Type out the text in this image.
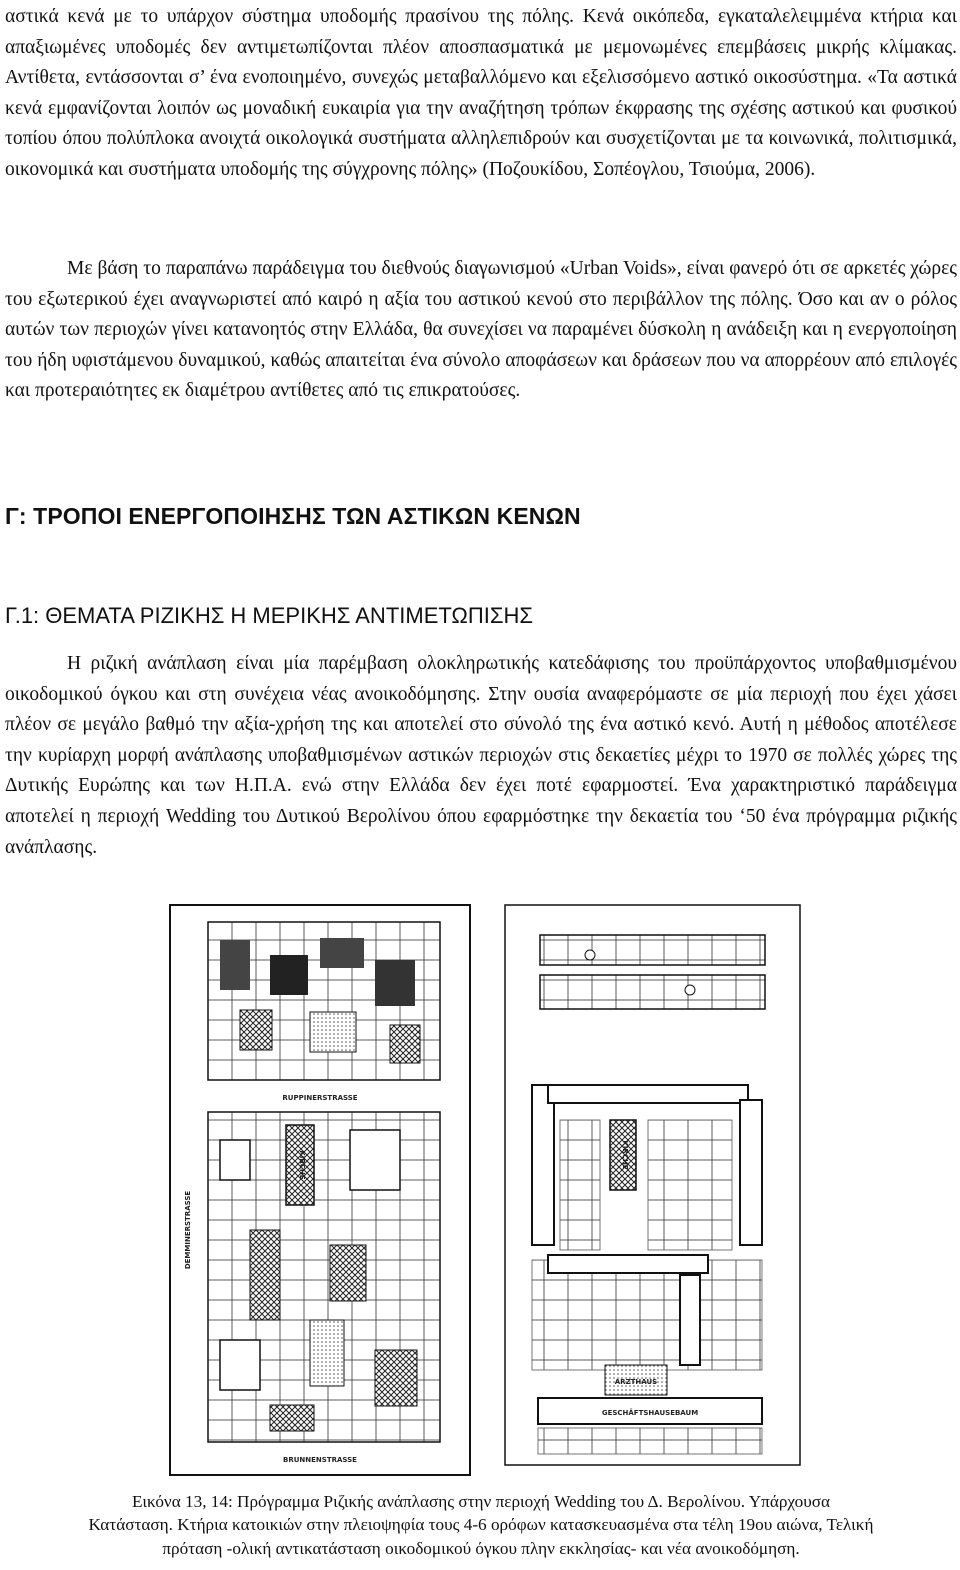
αστικά κενά με το υπάρχον σύστημα υποδομής πρασίνου της πόλης. Κενά οικόπεδα, εγκαταλελειμμένα κτήρια και απαξιωμένες υποδομές δεν αντιμετωπίζονται πλέον αποσπασματικά με μεμονωμένες επεμβάσεις μικρής κλίμακας. Αντίθετα, εντάσσονται σ’ ένα ενοποιημένο, συνεχώς μεταβαλλόμενο και εξελισσόμενο αστικό οικοσύστημα. «Τα αστικά κενά εμφανίζονται λοιπόν ως μοναδική ευκαιρία για την αναζήτηση τρόπων έκφρασης της σχέσης αστικού και φυσικού τοπίου όπου πολύπλοκα ανοιχτά οικολογικά συστήματα αλληλεπιδρούν και συσχετίζονται με τα κοινωνικά, πολιτισμικά, οικονομικά και συστήματα υποδομής της σύγχρονης πόλης» (Ποζουκίδου, Σοπέογλου, Τσιούμα, 2006).

Με βάση το παραπάνω παράδειγμα του διεθνούς διαγωνισμού «Urban Voids», είναι φανερό ότι σε αρκετές χώρες του εξωτερικού έχει αναγνωριστεί από καιρό η αξία του αστικού κενού στο περιβάλλον της πόλης. Όσο και αν ο ρόλος αυτών των περιοχών γίνει κατανοητός στην Ελλάδα, θα συνεχίσει να παραμένει δύσκολη η ανάδειξη και η ενεργοποίηση του ήδη υφιστάμενου δυναμικού, καθώς απαιτείται ένα σύνολο αποφάσεων και δράσεων που να απορρέουν από επιλογές και προτεραιότητες εκ διαμέτρου αντίθετες από τις επικρατούσες.

Γ: ΤΡΟΠΟΙ ΕΝΕΡΓΟΠΟΙΗΣΗΣ ΤΩΝ ΑΣΤΙΚΩΝ ΚΕΝΩΝ
Γ.1: ΘΕΜΑΤΑ ΡΙΖΙΚΗΣ Η ΜΕΡΙΚΗΣ ΑΝΤΙΜΕΤΩΠΙΣΗΣ

Η ριζική ανάπλαση είναι μία παρέμβαση ολοκληρωτικής κατεδάφισης του προϋπάρχοντος υποβαθμισμένου οικοδομικού όγκου και στη συνέχεια νέας ανοικοδόμησης. Στην ουσία αναφερόμαστε σε μία περιοχή που έχει χάσει πλέον σε μεγάλο βαθμό την αξία-χρήση της και αποτελεί στο σύνολό της ένα αστικό κενό. Αυτή η μέθοδος αποτέλεσε την κυρίαρχη μορφή ανάπλασης υποβαθμισμένων αστικών περιοχών στις δεκαετίες μέχρι το 1970 σε πολλές χώρες της Δυτικής Ευρώπης και των Η.Π.Α. ενώ στην Ελλάδα δεν έχει ποτέ εφαρμοστεί. Ένα χαρακτηριστικό παράδειγμα αποτελεί η περιοχή Wedding του Δυτικού Βερολίνου όπου εφαρμόστηκε την δεκαετία του ‘50 ένα πρόγραμμα ριζικής ανάπλασης.

RUPPINERSTRASSE
KIRCHE
DEMMINERSTRASSE
BRUNNENSTRASSE
KIRCHE
ARZTHAUS
GESCHÄFTSHAUSEBAUM
Εικόνα 13, 14: Πρόγραμμα Ριζικής ανάπλασης στην περιοχή Wedding του Δ. Βερολίνου. Υπάρχουσα
Κατάσταση. Κτήρια κατοικιών στην πλειοψηφία τους 4-6 ορόφων κατασκευασμένα στα τέλη 19ου αιώνα, Τελική
πρόταση -ολική αντικατάσταση οικοδομικού όγκου πλην εκκλησίας- και νέα ανοικοδόμηση.
